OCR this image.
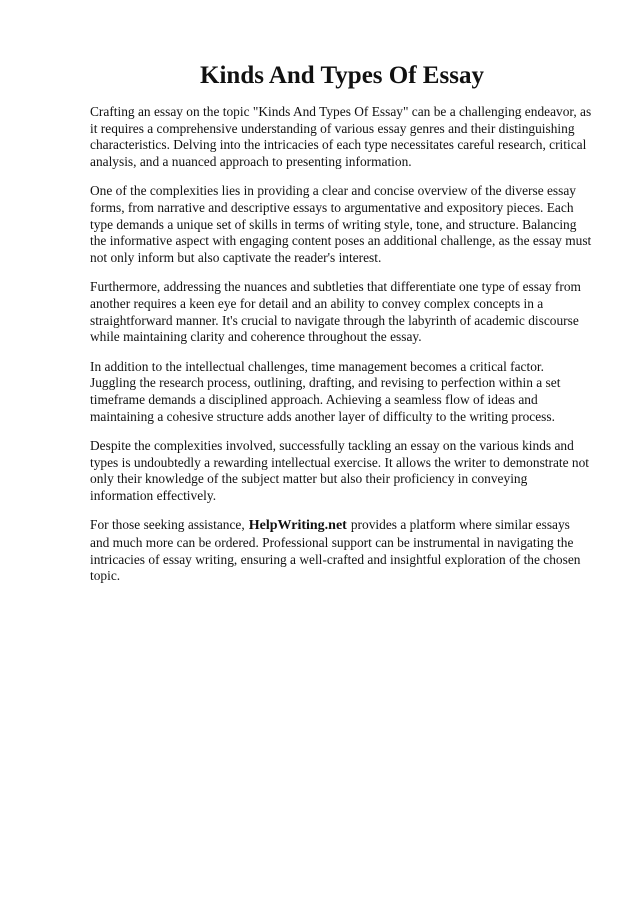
Kinds And Types Of Essay

Crafting an essay on the topic "Kinds And Types Of Essay" can be a challenging endeavor, as it requires a comprehensive understanding of various essay genres and their distinguishing characteristics. Delving into the intricacies of each type necessitates careful research, critical analysis, and a nuanced approach to presenting information.

One of the complexities lies in providing a clear and concise overview of the diverse essay forms, from narrative and descriptive essays to argumentative and expository pieces. Each type demands a unique set of skills in terms of writing style, tone, and structure. Balancing the informative aspect with engaging content poses an additional challenge, as the essay must not only inform but also captivate the reader's interest.

Furthermore, addressing the nuances and subtleties that differentiate one type of essay from another requires a keen eye for detail and an ability to convey complex concepts in a straightforward manner. It's crucial to navigate through the labyrinth of academic discourse while maintaining clarity and coherence throughout the essay.

In addition to the intellectual challenges, time management becomes a critical factor. Juggling the research process, outlining, drafting, and revising to perfection within a set timeframe demands a disciplined approach. Achieving a seamless flow of ideas and maintaining a cohesive structure adds another layer of difficulty to the writing process.

Despite the complexities involved, successfully tackling an essay on the various kinds and types is undoubtedly a rewarding intellectual exercise. It allows the writer to demonstrate not only their knowledge of the subject matter but also their proficiency in conveying information effectively.

For those seeking assistance, HelpWriting.net provides a platform where similar essays and much more can be ordered. Professional support can be instrumental in navigating the intricacies of essay writing, ensuring a well-crafted and insightful exploration of the chosen topic.
